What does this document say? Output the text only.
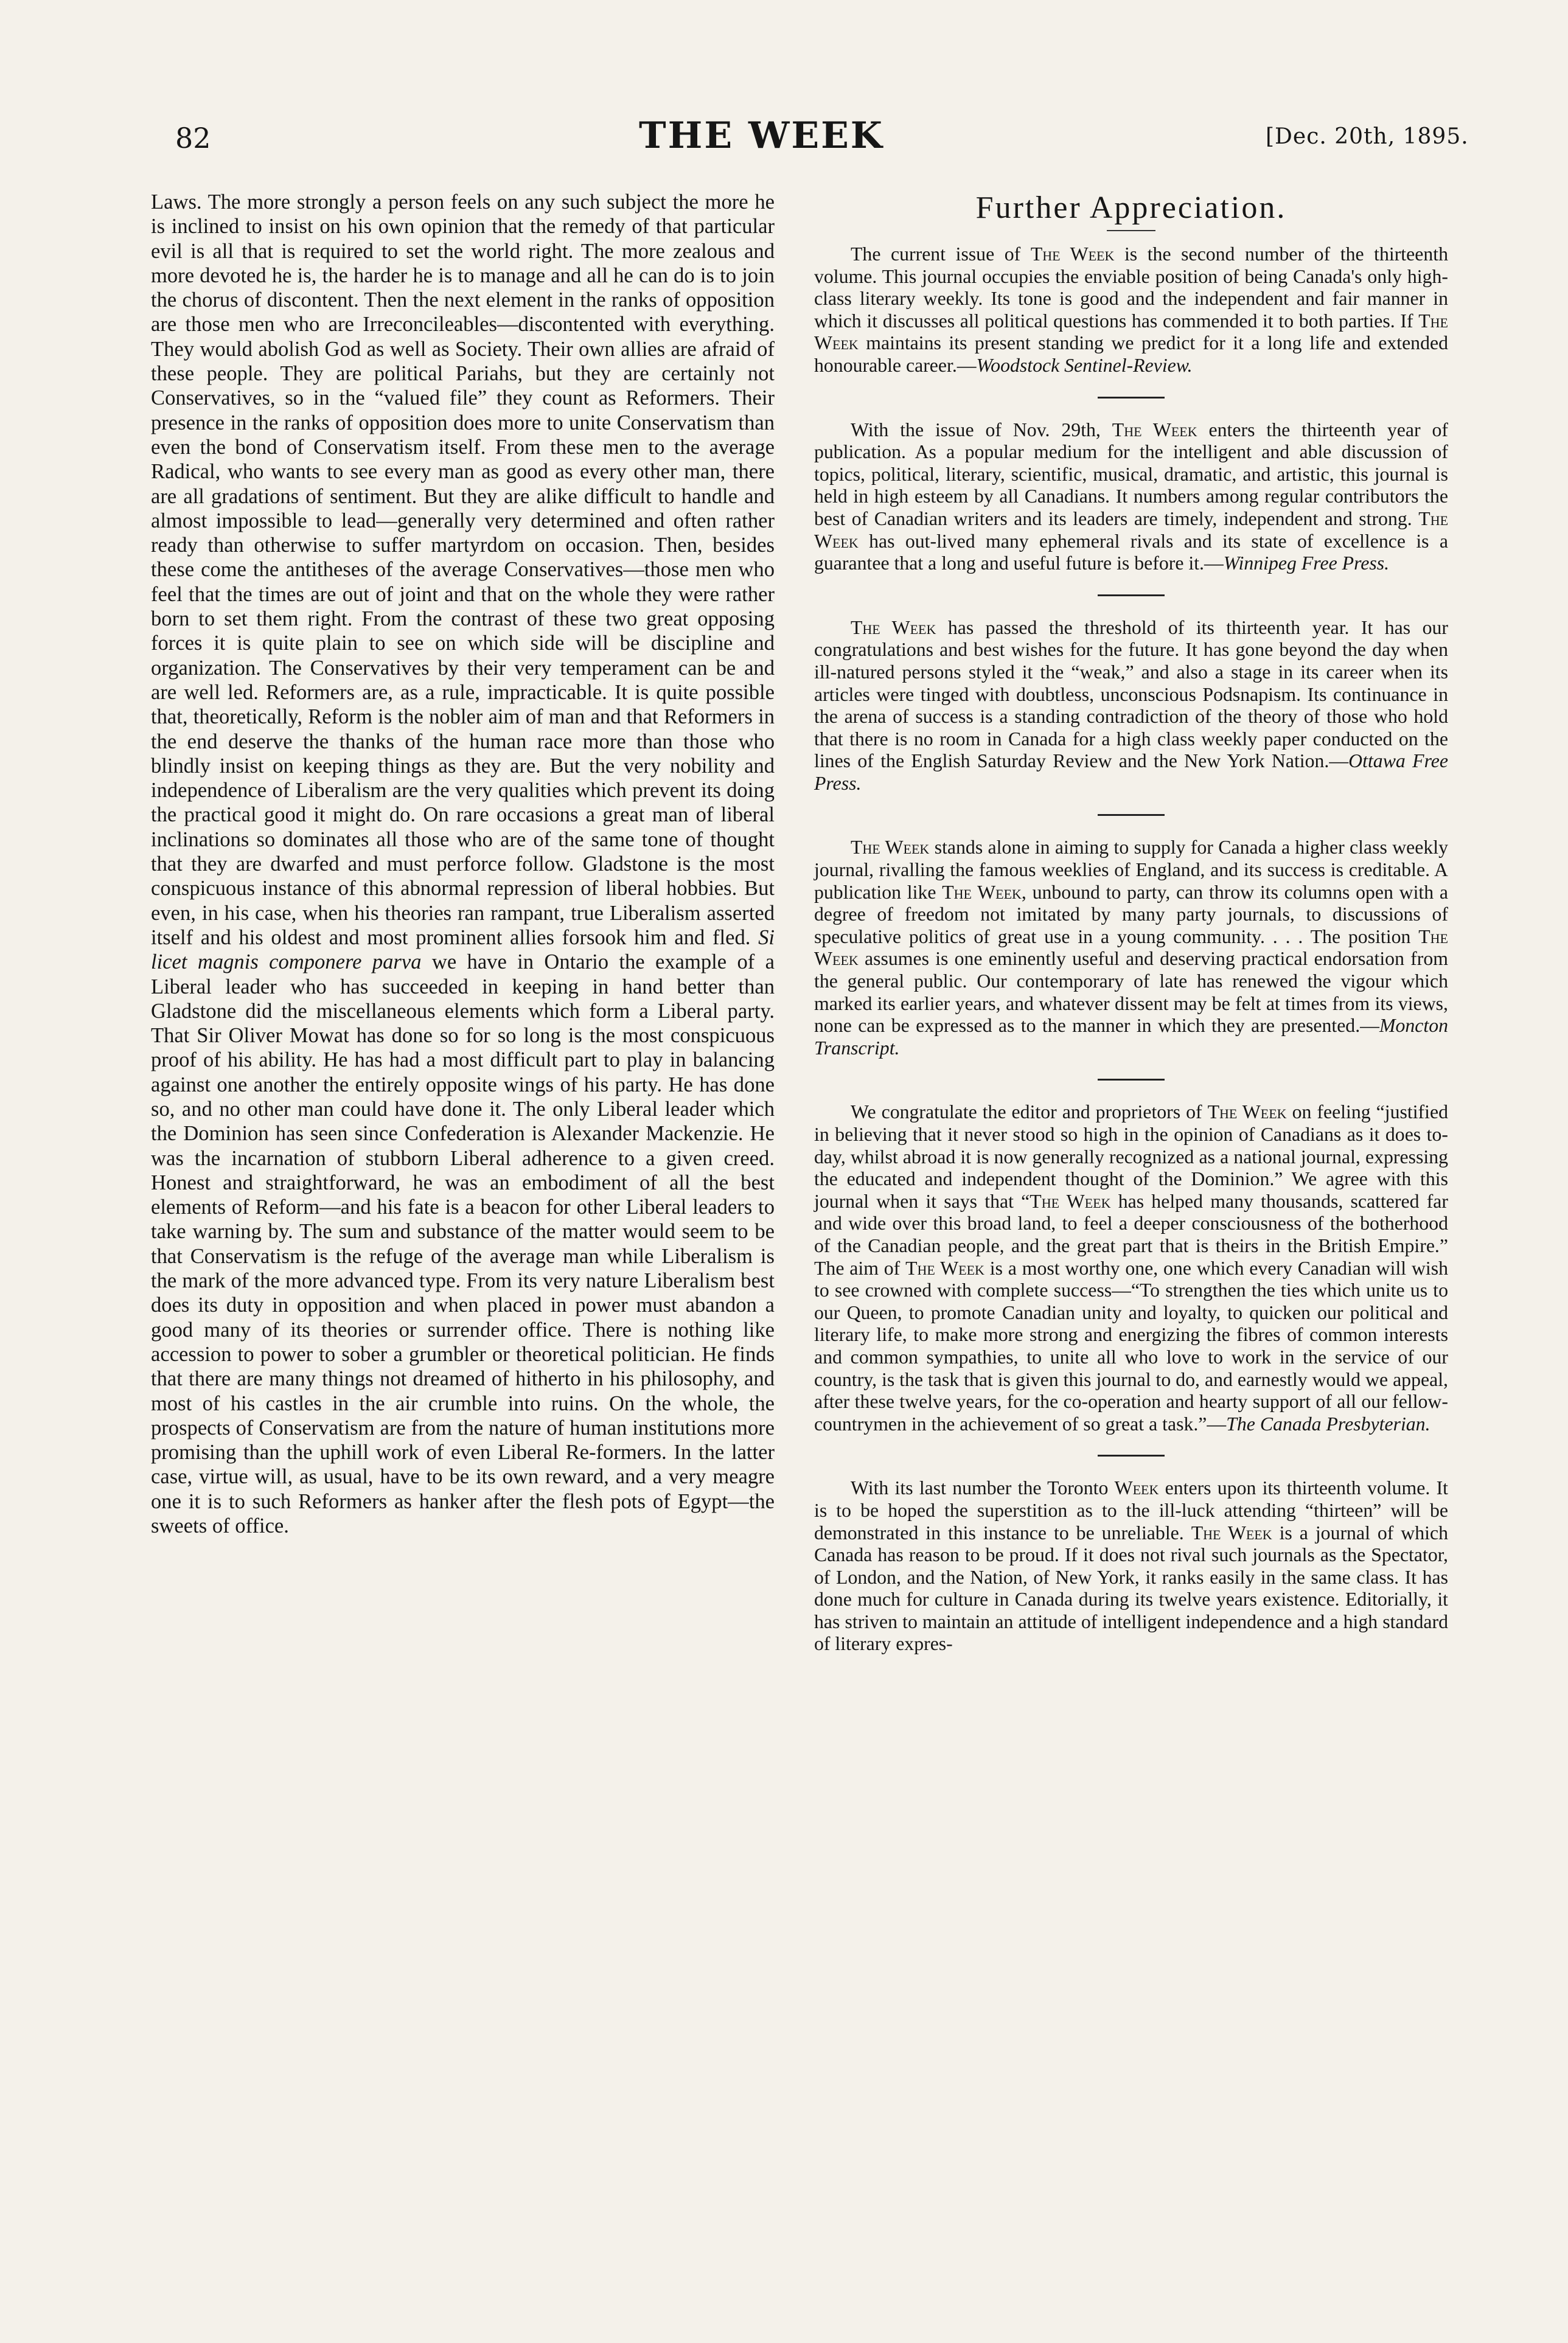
82	THE WEEK	[Dec. 20th, 1895.

Laws. The more strongly a person feels on any such subject the more he is inclined to insist on his own opinion that the remedy of that particular evil is all that is required to set the world right. The more zealous and more devoted he is, the harder he is to manage and all he can do is to join the chorus of discontent. Then the next element in the ranks of opposition are those men who are Irreconcileables—discontented with everything. They would abolish God as well as Society. Their own allies are afraid of these people. They are political Pariahs, but they are certainly not Conservatives, so in the “valued file” they count as Reformers. Their presence in the ranks of opposition does more to unite Conservatism than even the bond of Conservatism itself. From these men to the average Radical, who wants to see every man as good as every other man, there are all gradations of sentiment. But they are alike difficult to handle and almost impossible to lead—generally very determined and often rather ready than otherwise to suffer martyrdom on occasion. Then, besides these come the antitheses of the average Conservatives—those men who feel that the times are out of joint and that on the whole they were rather born to set them right. From the contrast of these two great opposing forces it is quite plain to see on which side will be discipline and organization. The Conservatives by their very temperament can be and are well led. Reformers are, as a rule, impracticable. It is quite possible that, theoretically, Reform is the nobler aim of man and that Reformers in the end deserve the thanks of the human race more than those who blindly insist on keeping things as they are. But the very nobility and independence of Liberalism are the very qualities which prevent its doing the practical good it might do. On rare occasions a great man of liberal inclinations so dominates all those who are of the same tone of thought that they are dwarfed and must perforce follow. Gladstone is the most conspicuous instance of this abnormal repression of liberal hobbies. But even, in his case, when his theories ran rampant, true Liberalism asserted itself and his oldest and most prominent allies forsook him and fled. Si licet magnis componere parva we have in Ontario the example of a Liberal leader who has succeeded in keeping in hand better than Gladstone did the miscellaneous elements which form a Liberal party. That Sir Oliver Mowat has done so for so long is the most conspicuous proof of his ability. He has had a most difficult part to play in balancing against one another the entirely opposite wings of his party. He has done so, and no other man could have done it. The only Liberal leader which the Dominion has seen since Confederation is Alexander Mackenzie. He was the incarnation of stubborn Liberal adherence to a given creed. Honest and straightforward, he was an embodiment of all the best elements of Reform—and his fate is a beacon for other Liberal leaders to take warning by. The sum and substance of the matter would seem to be that Conservatism is the refuge of the average man while Liberalism is the mark of the more advanced type. From its very nature Liberalism best does its duty in opposition and when placed in power must abandon a good many of its theories or surrender office. There is nothing like accession to power to sober a grumbler or theoretical politician. He finds that there are many things not dreamed of hitherto in his philosophy, and most of his castles in the air crumble into ruins. On the whole, the prospects of Conservatism are from the nature of human institutions more promising than the uphill work of even Liberal Re-formers. In the latter case, virtue will, as usual, have to be its own reward, and a very meagre one it is to such Reformers as hanker after the flesh pots of Egypt—the sweets of office.

Further Appreciation.

The current issue of The Week is the second number of the thirteenth volume. This journal occupies the enviable position of being Canada's only high-class literary weekly. Its tone is good and the independent and fair manner in which it discusses all political questions has commended it to both parties. If The Week maintains its present standing we predict for it a long life and extended honourable career.—Woodstock Sentinel-Review.

With the issue of Nov. 29th, The Week enters the thirteenth year of publication. As a popular medium for the intelligent and able discussion of topics, political, literary, scientific, musical, dramatic, and artistic, this journal is held in high esteem by all Canadians. It numbers among regular contributors the best of Canadian writers and its leaders are timely, independent and strong. The Week has out-lived many ephemeral rivals and its state of excellence is a guarantee that a long and useful future is before it.—Winnipeg Free Press.

The Week has passed the threshold of its thirteenth year. It has our congratulations and best wishes for the future. It has gone beyond the day when ill-natured persons styled it the “weak,” and also a stage in its career when its articles were tinged with doubtless, unconscious Podsnapism. Its continuance in the arena of success is a standing contradiction of the theory of those who hold that there is no room in Canada for a high class weekly paper conducted on the lines of the English Saturday Review and the New York Nation.—Ottawa Free Press.

The Week stands alone in aiming to supply for Canada a higher class weekly journal, rivalling the famous weeklies of England, and its success is creditable. A publication like The Week, unbound to party, can throw its columns open with a degree of freedom not imitated by many party journals, to discussions of speculative politics of great use in a young community. . . . The position The Week assumes is one eminently useful and deserving practical endorsation from the general public. Our contemporary of late has renewed the vigour which marked its earlier years, and whatever dissent may be felt at times from its views, none can be expressed as to the manner in which they are presented.—Moncton Transcript.

We congratulate the editor and proprietors of The Week on feeling “justified in believing that it never stood so high in the opinion of Canadians as it does to-day, whilst abroad it is now generally recognized as a national journal, expressing the educated and independent thought of the Dominion.” We agree with this journal when it says that “The Week has helped many thousands, scattered far and wide over this broad land, to feel a deeper consciousness of the botherhood of the Canadian people, and the great part that is theirs in the British Empire.” The aim of The Week is a most worthy one, one which every Canadian will wish to see crowned with complete success—“To strengthen the ties which unite us to our Queen, to promote Canadian unity and loyalty, to quicken our political and literary life, to make more strong and energizing the fibres of common interests and common sympathies, to unite all who love to work in the service of our country, is the task that is given this journal to do, and earnestly would we appeal, after these twelve years, for the co-operation and hearty support of all our fellow-countrymen in the achievement of so great a task.”—The Canada Presbyterian.

With its last number the Toronto Week enters upon its thirteenth volume. It is to be hoped the superstition as to the ill-luck attending “thirteen” will be demonstrated in this instance to be unreliable. The Week is a journal of which Canada has reason to be proud. If it does not rival such journals as the Spectator, of London, and the Nation, of New York, it ranks easily in the same class. It has done much for culture in Canada during its twelve years existence. Editorially, it has striven to maintain an attitude of intelligent independence and a high standard of literary expres-
